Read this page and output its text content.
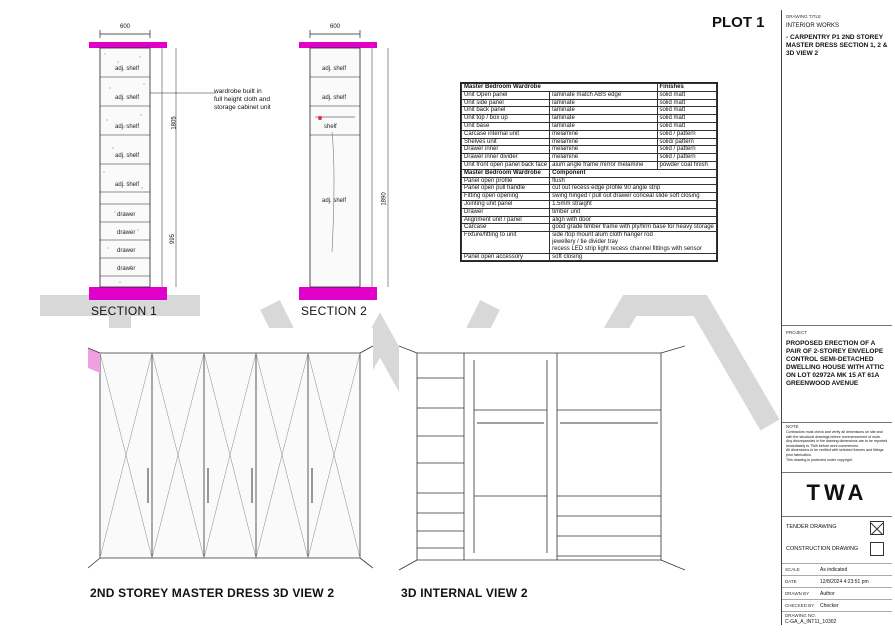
PLOT 1
adj. shelf
adj. shelf
adj. shelf
adj. shelf
adj. shelf
drawer
drawer
drawer
drawer
600
1805
995
SECTION 1
adj. shelf
adj. shelf
shelf
adj. shelf
600
1890
SECTION 2
wardrobe built in
full height cloth and
storage cabinet unit
Master Bedroom Wardrobe		Finishes
Unit Open panel	laminate match ABS edge	solid matt
Unit side panel	laminate	solid matt
Unit back panel	laminate	solid matt
Unit top / box up	laminate	solid matt
Unit base	laminate	solid matt
Carcase internal unit	melamine	solid / pattern
Shelves unit	melamine	solid/ pattern
Drawer inner	melamine	solid / pattern
Drawer inner divider	melamine	solid / pattern
Unit front open panel back face	alum angle frame mirror melamine	powder coat finish
Master Bedroom Wardrobe	Component	
Panel open profile	flush	
Panel open pull handle	cut out recess edge profile 90 angle strip	
Fitting open opening	swing hinged / pull out drawer conceal slide soft closing	
Jointing unit panel	1.5mm straight	
Drawer	timber unit	
Alignment unit / panel	align with door	
Carcase	good grade timber frame with ply/firm base for heavy storage	
Fixture/fitting to unit	side /top mount alum cloth hanger rod
jewellery / tie divider tray
recess LED strip light recess channel fittings with sensor	
Panel open accessory	soft closing	
2ND STOREY MASTER DRESS 3D VIEW 2	3D INTERNAL VIEW 2
DRAWING TITLE
INTERIOR WORKS
- CARPENTRY P1 2ND STOREY MASTER DRESS SECTION 1, 2 & 3D VIEW 2
PROJECT
PROPOSED ERECTION OF A PAIR OF 2-STOREY ENVELOPE CONTROL SEMI-DETACHED DWELLING HOUSE WITH ATTIC ON LOT 02972A MK 15 AT 61A GREENWOOD AVENUE
NOTE
Contractors must check and verify all dimensions on site and with the structural drawings before commencement of work.
Any discrepancies in the drawing dimensions are to be reported immediately to TWA before work commences.
All dimensions to be verified with selected fixtures and fittings prior fabrication.
This drawing is protected under copyright.
TWA
TENDER DRAWING
CONSTRUCTION DRAWING
SCALE	As indicated
DATE	12/8/2024 4:23:51 pm
DRAWN BY Author
CHECKED BY Checker
DRAWING NO.
C-GA_A_INT11_10302
